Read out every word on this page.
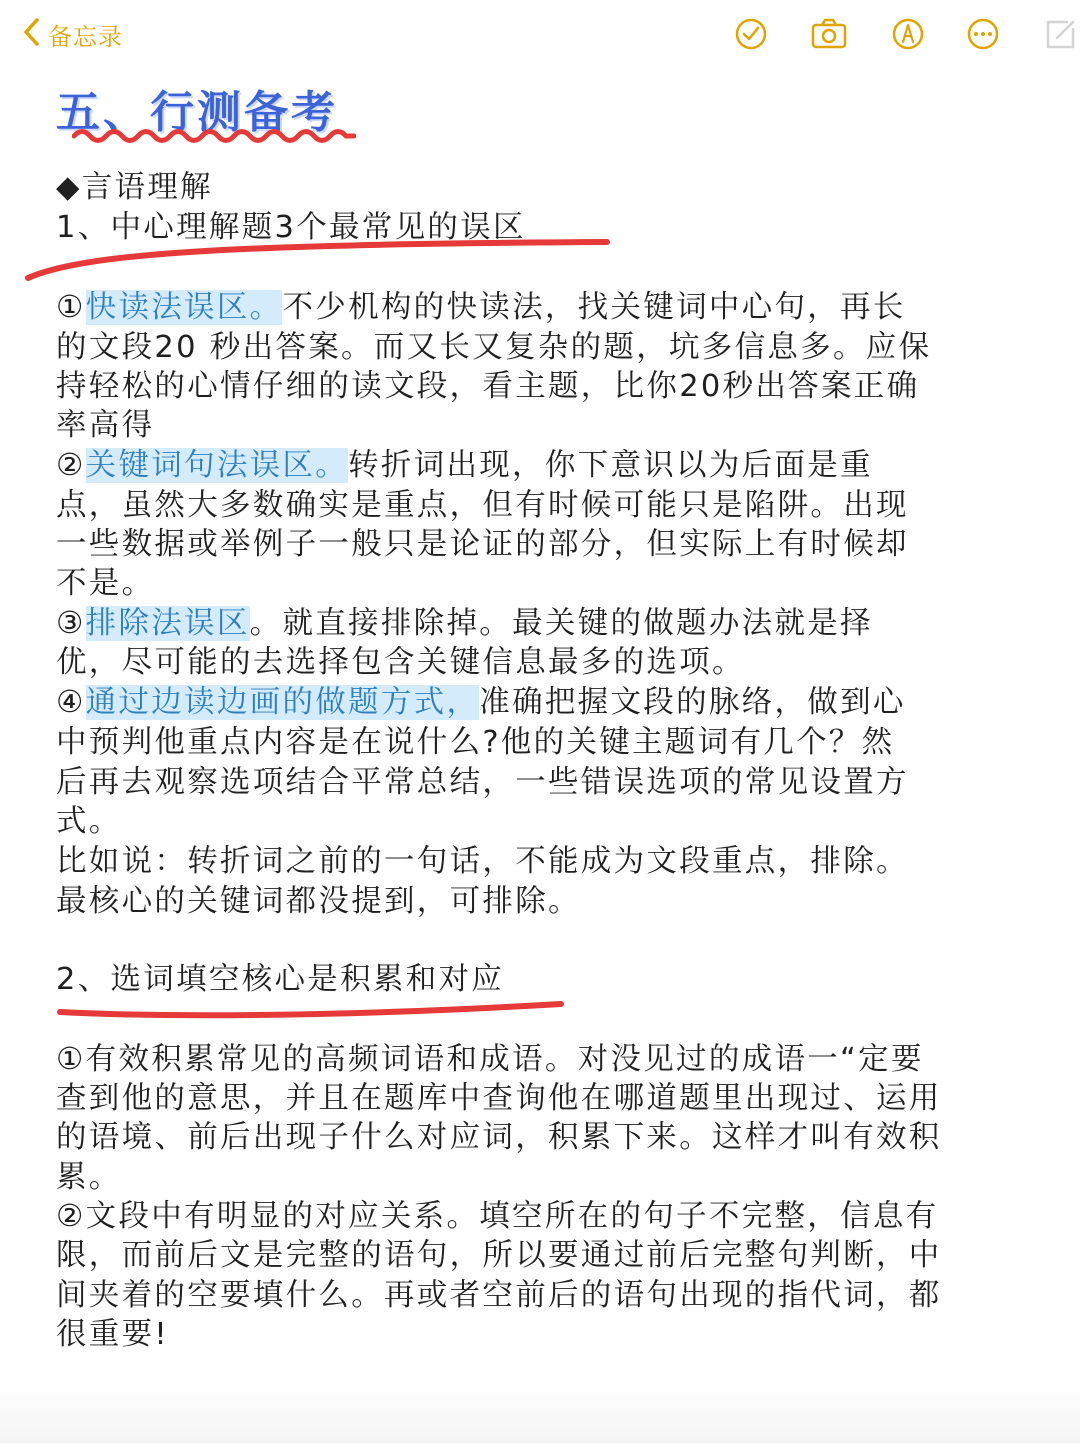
备忘录
五、行测备考
◆言语理解
1、中心理解题3个最常见的误区
①快读法误区。不少机构的快读法，找关键词中心句，再长
的文段20 秒出答案。而又长又复杂的题，坑多信息多。应保
持轻松的心情仔细的读文段，看主题，比你20秒出答案正确
率高得
②关键词句法误区。转折词出现，你下意识以为后面是重
点，虽然大多数确实是重点，但有时候可能只是陷阱。出现
一些数据或举例子一般只是论证的部分，但实际上有时候却
不是。
③排除法误区。就直接排除掉。最关键的做题办法就是择
优，尽可能的去选择包含关键信息最多的选项。
④通过边读边画的做题方式，准确把握文段的脉络，做到心
中预判他重点内容是在说什么?他的关键主题词有几个？然
后再去观察选项结合平常总结，一些错误选项的常见设置方
式。
比如说：转折词之前的一句话，不能成为文段重点，排除。
最核心的关键词都没提到，可排除。
2、选词填空核心是积累和对应
①有效积累常见的高频词语和成语。对没见过的成语一“定要
查到他的意思，并且在题库中查询他在哪道题里出现过、运用
的语境、前后出现子什么对应词，积累下来。这样才叫有效积
累。
②文段中有明显的对应关系。填空所在的句子不完整，信息有
限，而前后文是完整的语句，所以要通过前后完整句判断，中
间夹着的空要填什么。再或者空前后的语句出现的指代词，都
很重要!
